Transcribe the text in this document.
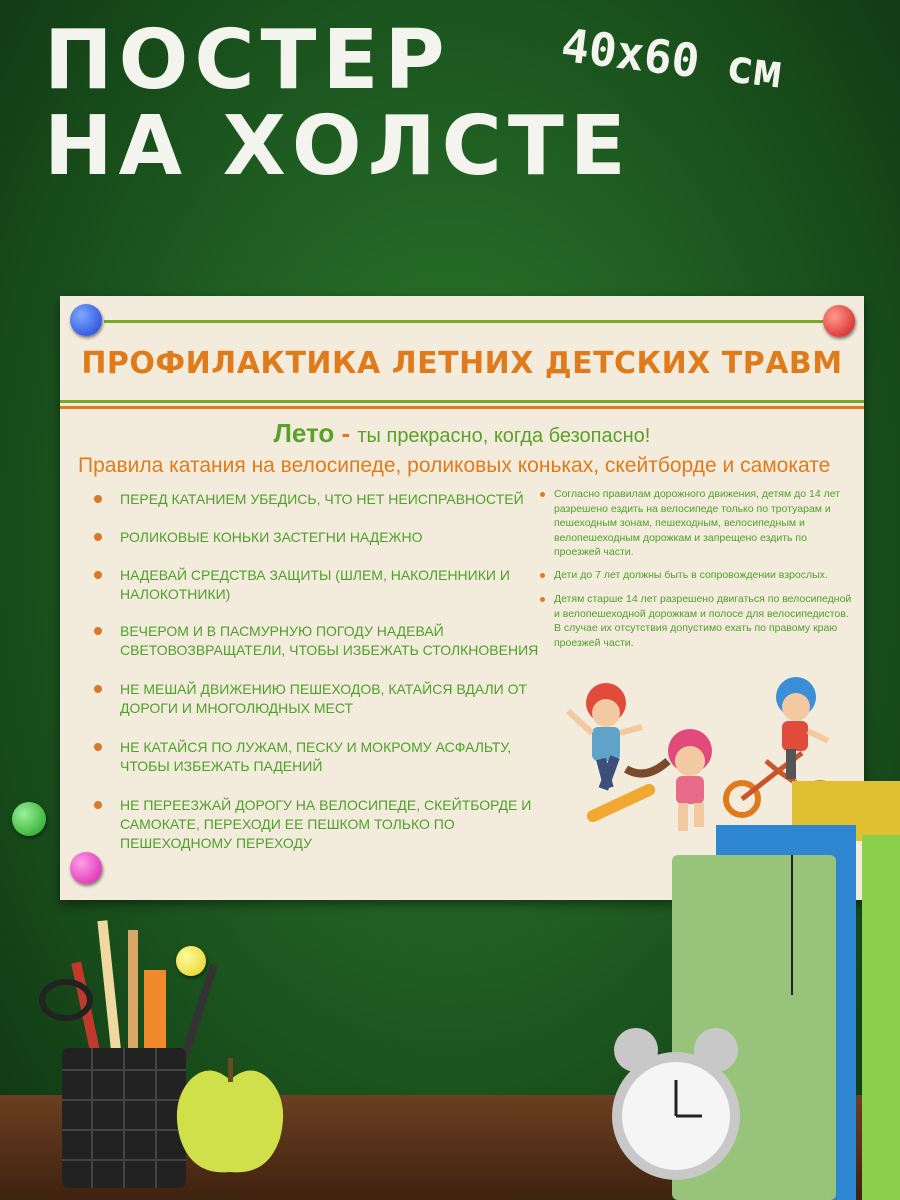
ПОСТЕР
НА ХОЛСТЕ
40x60 см
ПРОФИЛАКТИКА ЛЕТНИХ ДЕТСКИХ ТРАВМ
Лето - ты прекрасно, когда безопасно!
Правила катания на велосипеде, роликовых коньках, скейтборде и самокате
ПЕРЕД КАТАНИЕМ УБЕДИСЬ, ЧТО НЕТ НЕИСПРАВНОСТЕЙ
РОЛИКОВЫЕ КОНЬКИ ЗАСТЕГНИ НАДЕЖНО
НАДЕВАЙ СРЕДСТВА ЗАЩИТЫ (ШЛЕМ, НАКОЛЕННИКИ И НАЛОКОТНИКИ)
ВЕЧЕРОМ И В ПАСМУРНУЮ ПОГОДУ НАДЕВАЙ СВЕТОВОЗВРАЩАТЕЛИ, ЧТОБЫ ИЗБЕЖАТЬ СТОЛКНОВЕНИЯ
НЕ МЕШАЙ ДВИЖЕНИЮ ПЕШЕХОДОВ, КАТАЙСЯ ВДАЛИ ОТ ДОРОГИ И МНОГОЛЮДНЫХ МЕСТ
НЕ КАТАЙСЯ ПО ЛУЖАМ, ПЕСКУ И МОКРОМУ АСФАЛЬТУ, ЧТОБЫ ИЗБЕЖАТЬ ПАДЕНИЙ
НЕ ПЕРЕЕЗЖАЙ ДОРОГУ НА ВЕЛОСИПЕДЕ, СКЕЙТБОРДЕ И САМОКАТЕ, ПЕРЕХОДИ ЕЕ ПЕШКОМ ТОЛЬКО ПО ПЕШЕХОДНОМУ ПЕРЕХОДУ
Согласно правилам дорожного движения, детям до 14 лет разрешено ездить на велосипеде только по тротуарам и пешеходным зонам, пешеходным, велосипедным и велопешеходным дорожкам и запрещено ездить по проезжей части.
Дети до 7 лет должны быть в сопровождении взрослых.
Детям старше 14 лет разрешено двигаться по велосипедной и велопешеходной дорожкам и полосе для велосипедистов. В случае их отсутствия допустимо ехать по правому краю проезжей части.
